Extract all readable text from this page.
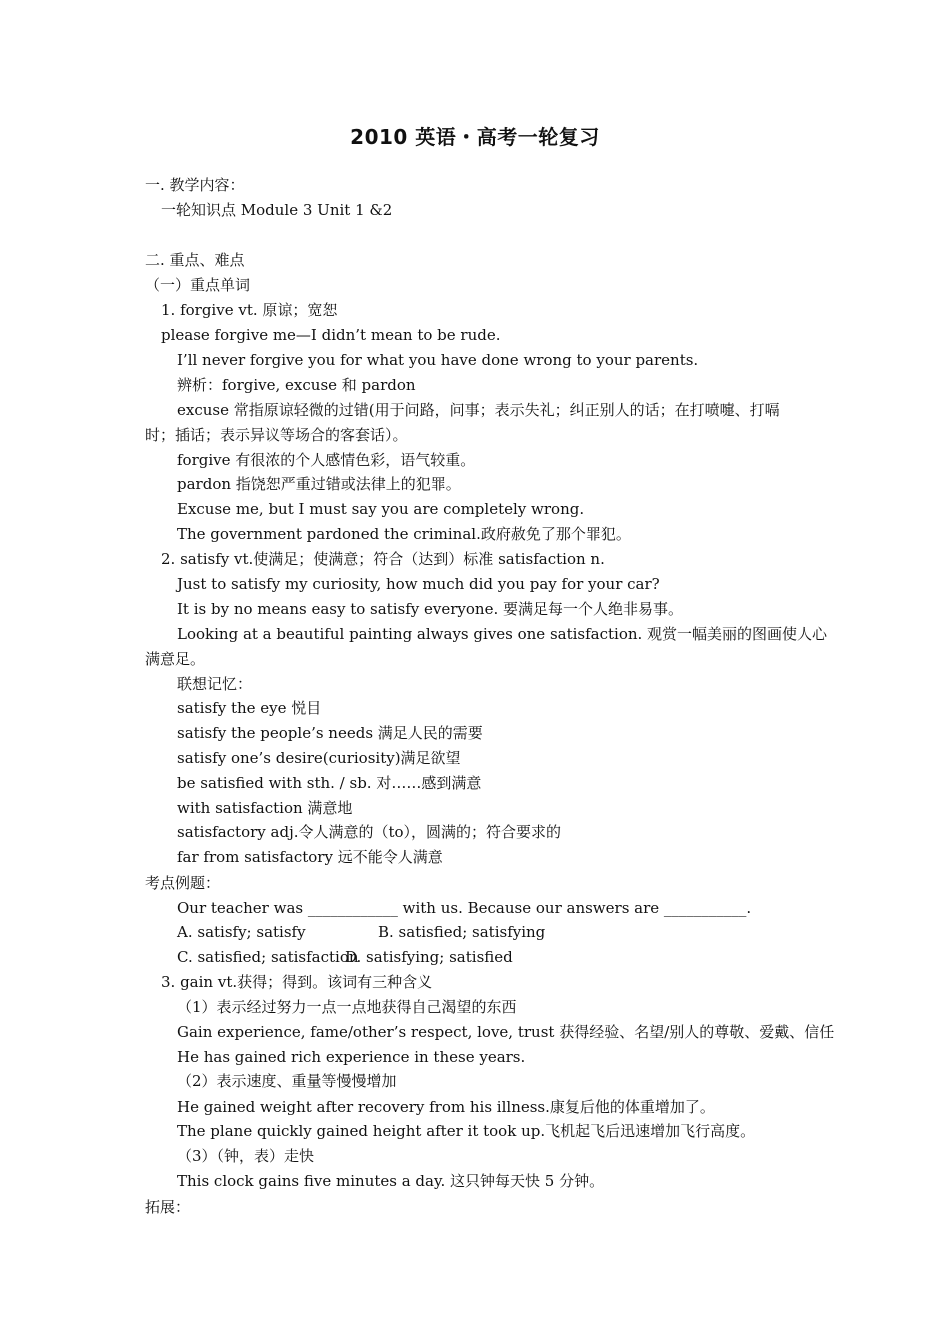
2010 英语・高考一轮复习
一. 教学内容：
一轮知识点 Module 3 Unit 1 &2
二. 重点、难点
（一）重点单词
1. forgive vt. 原谅；宽恕
please forgive me—I didn’t mean to be rude.
I’ll never forgive you for what you have done wrong to your parents.
辨析：forgive, excuse 和 pardon
excuse 常指原谅轻微的过错(用于问路，问事；表示失礼；纠正别人的话；在打喷嚏、打嗝
时；插话；表示异议等场合的客套话）。
forgive 有很浓的个人感情色彩，语气较重。
pardon 指饶恕严重过错或法律上的犯罪。
Excuse me, but I must say you are completely wrong.
The government pardoned the criminal.政府赦免了那个罪犯。
2. satisfy vt.使满足；使满意；符合（达到）标准 satisfaction n.
Just to satisfy my curiosity, how much did you pay for your car?
It is by no means easy to satisfy everyone. 要满足每一个人绝非易事。
Looking at a beautiful painting always gives one satisfaction. 观赏一幅美丽的图画使人心
满意足。
联想记忆：
satisfy the eye 悦目
satisfy the people’s needs 满足人民的需要
satisfy one’s desire(curiosity)满足欲望
be satisfied with sth. / sb. 对……感到满意
with satisfaction 满意地
satisfactory adj.令人满意的（to），圆满的；符合要求的
far from satisfactory 远不能令人满意
考点例题：
Our teacher was ____________ with us. Because our answers are ___________.
A. satisfy; satisfy	B. satisfied; satisfying
C. satisfied; satisfaction
D. satisfying; satisfied
3. gain vt.获得；得到。该词有三种含义
（1）表示经过努力一点一点地获得自己渴望的东西
Gain experience, fame/other’s respect, love, trust 获得经验、名望/别人的尊敬、爱戴、信任
He has gained rich experience in these years.
（2）表示速度、重量等慢慢增加
He gained weight after recovery from his illness.康复后他的体重增加了。
The plane quickly gained height after it took up.飞机起飞后迅速增加飞行高度。
（3）（钟，表）走快
This clock gains five minutes a day. 这只钟每天快 5 分钟。
拓展：
